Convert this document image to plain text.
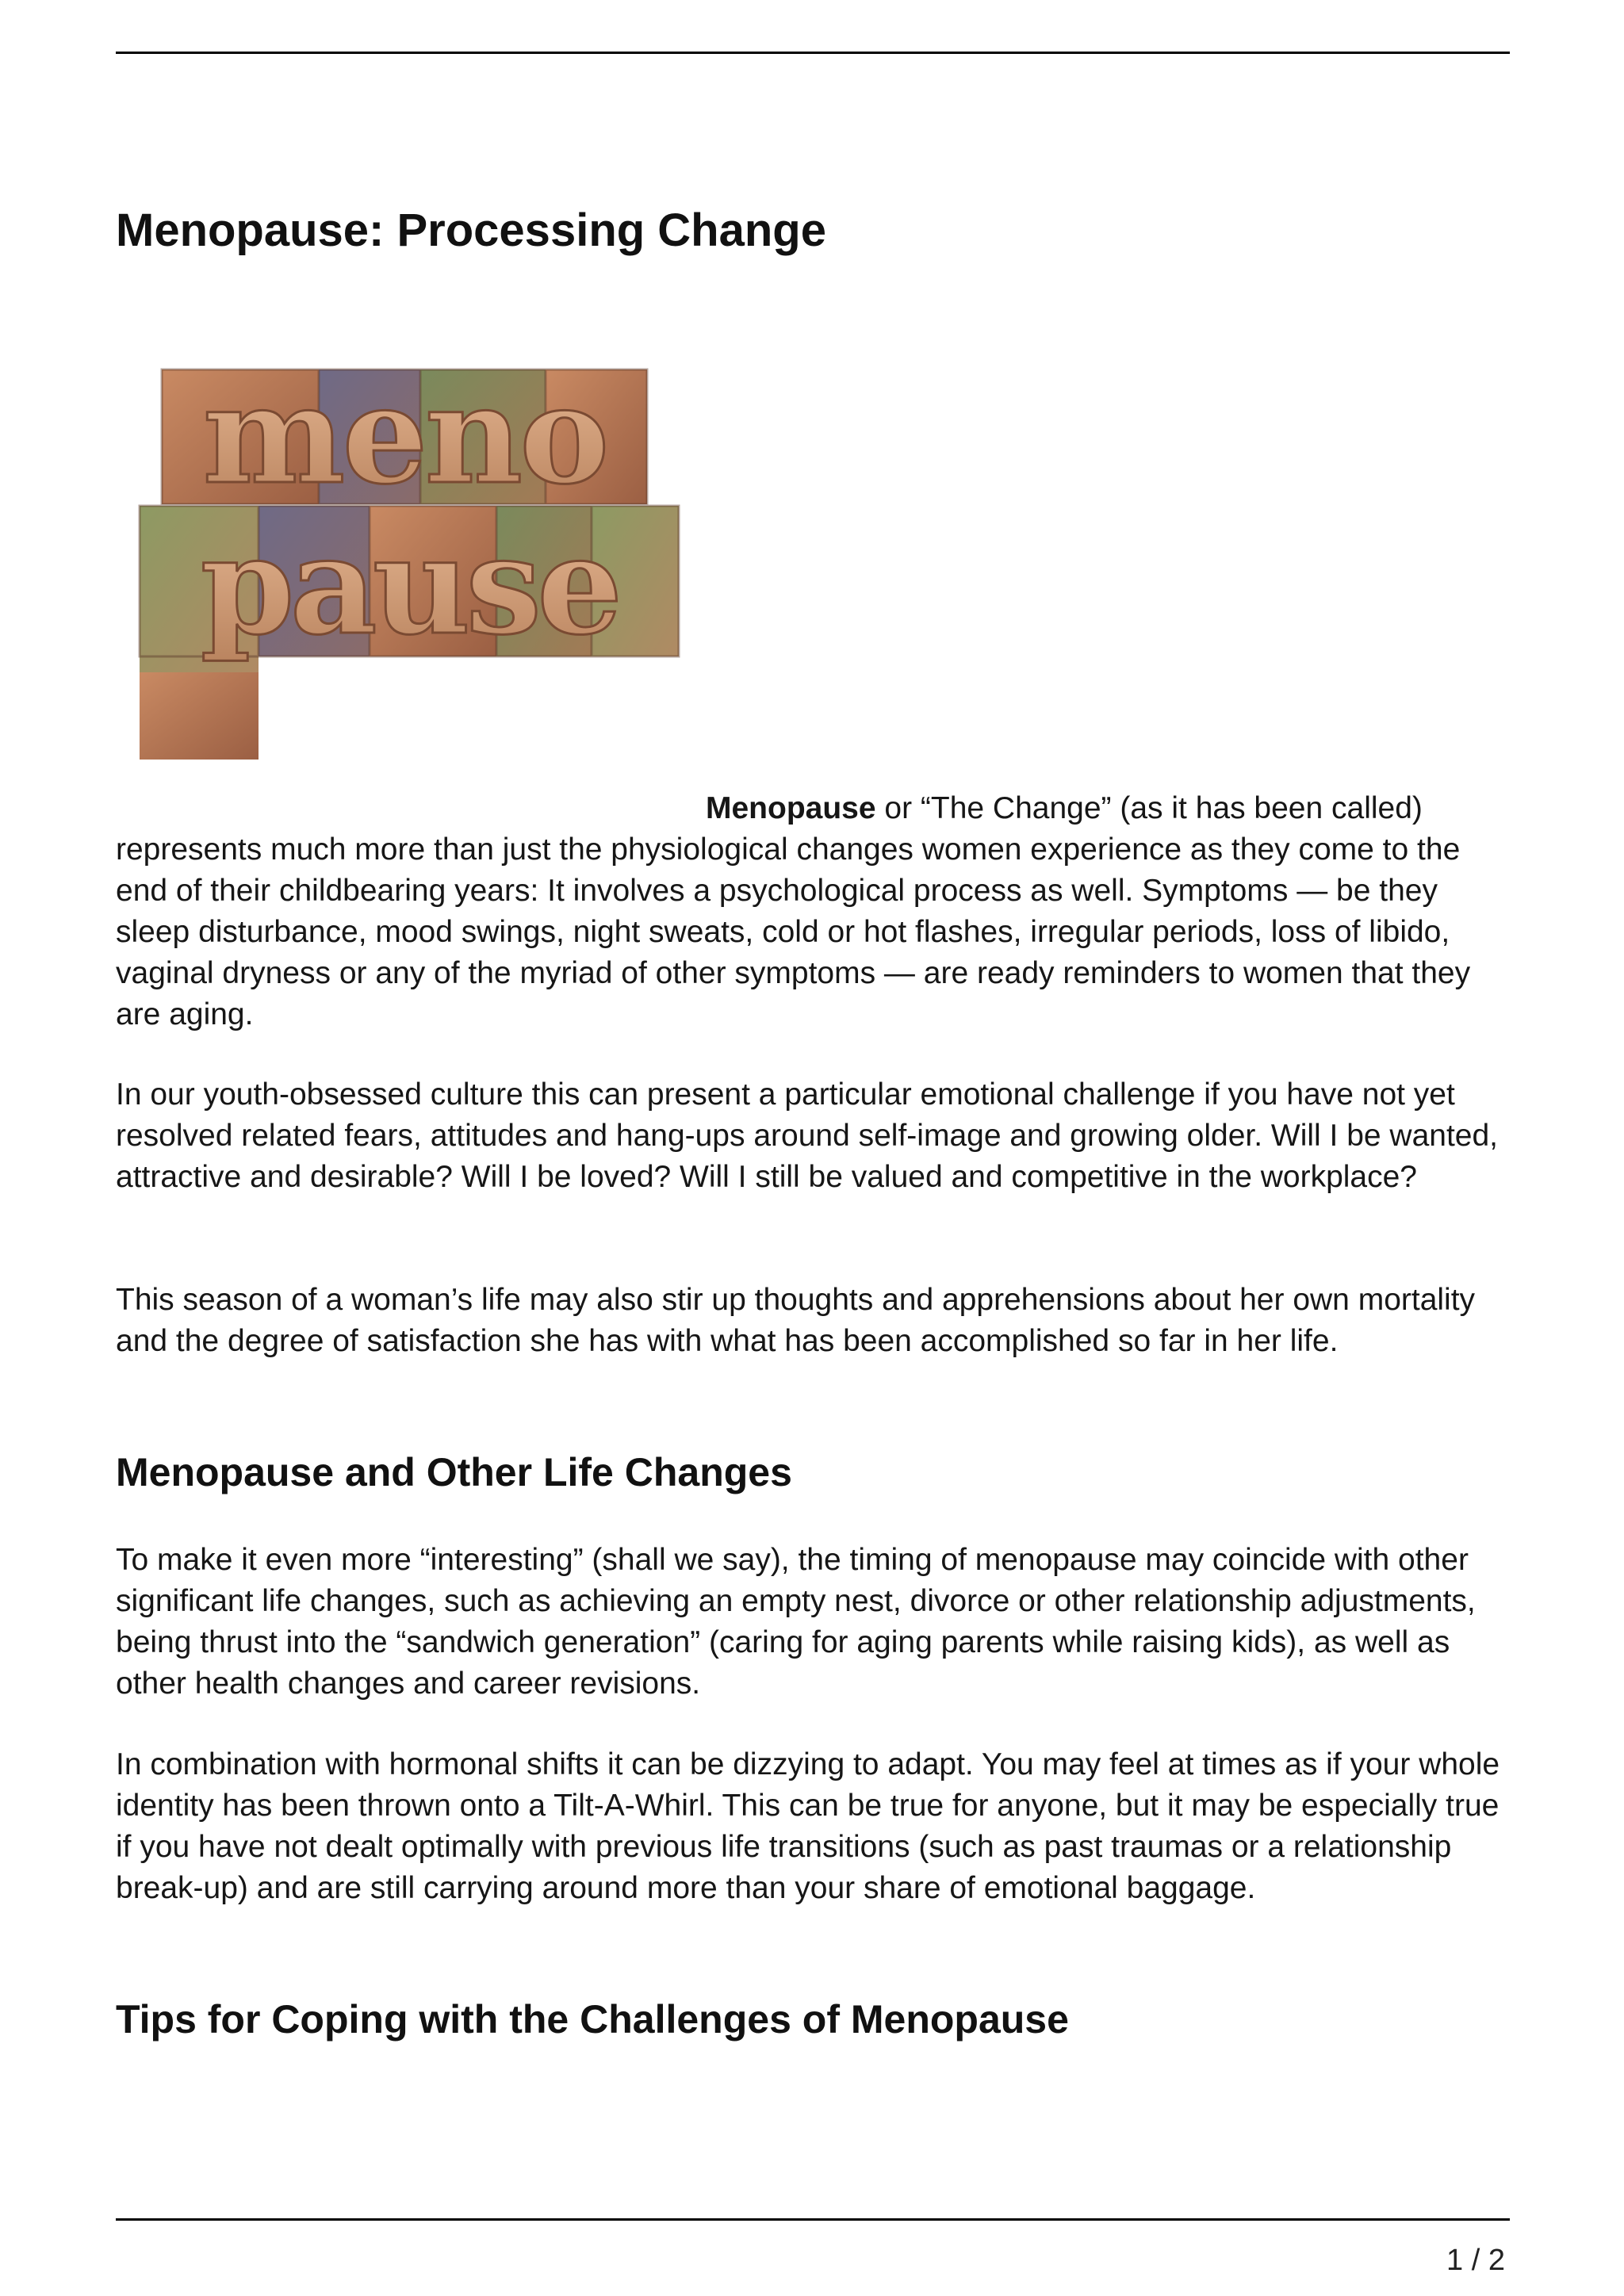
meno
pause
Menopause: Processing Change

Menopause or “The Change” (as it has been called)
represents much more than just the physiological changes women experience as they come to the end of their childbearing years: It involves a psychological process as well. Symptoms — be they sleep disturbance, mood swings, night sweats, cold or hot flashes, irregular periods, loss of libido, vaginal dryness or any of the myriad of other symptoms — are ready reminders to women that they are aging.

In our youth-obsessed culture this can present a particular emotional challenge if you have not yet resolved related fears, attitudes and hang-ups around self-image and growing older. Will I be wanted, attractive and desirable? Will I be loved? Will I still be valued and competitive in the workplace?

This season of a woman’s life may also stir up thoughts and apprehensions about her own mortality and the degree of satisfaction she has with what has been accomplished so far in her life.

Menopause and Other Life Changes

To make it even more “interesting” (shall we say), the timing of menopause may coincide with other significant life changes, such as achieving an empty nest, divorce or other relationship adjustments, being thrust into the “sandwich generation” (caring for aging parents while raising kids), as well as other health changes and career revisions.

In combination with hormonal shifts it can be dizzying to adapt. You may feel at times as if your whole identity has been thrown onto a Tilt-A-Whirl. This can be true for anyone, but it may be especially true if you have not dealt optimally with previous life transitions (such as past traumas or a relationship break-up) and are still carrying around more than your share of emotional baggage.

Tips for Coping with the Challenges of Menopause
1 / 2
